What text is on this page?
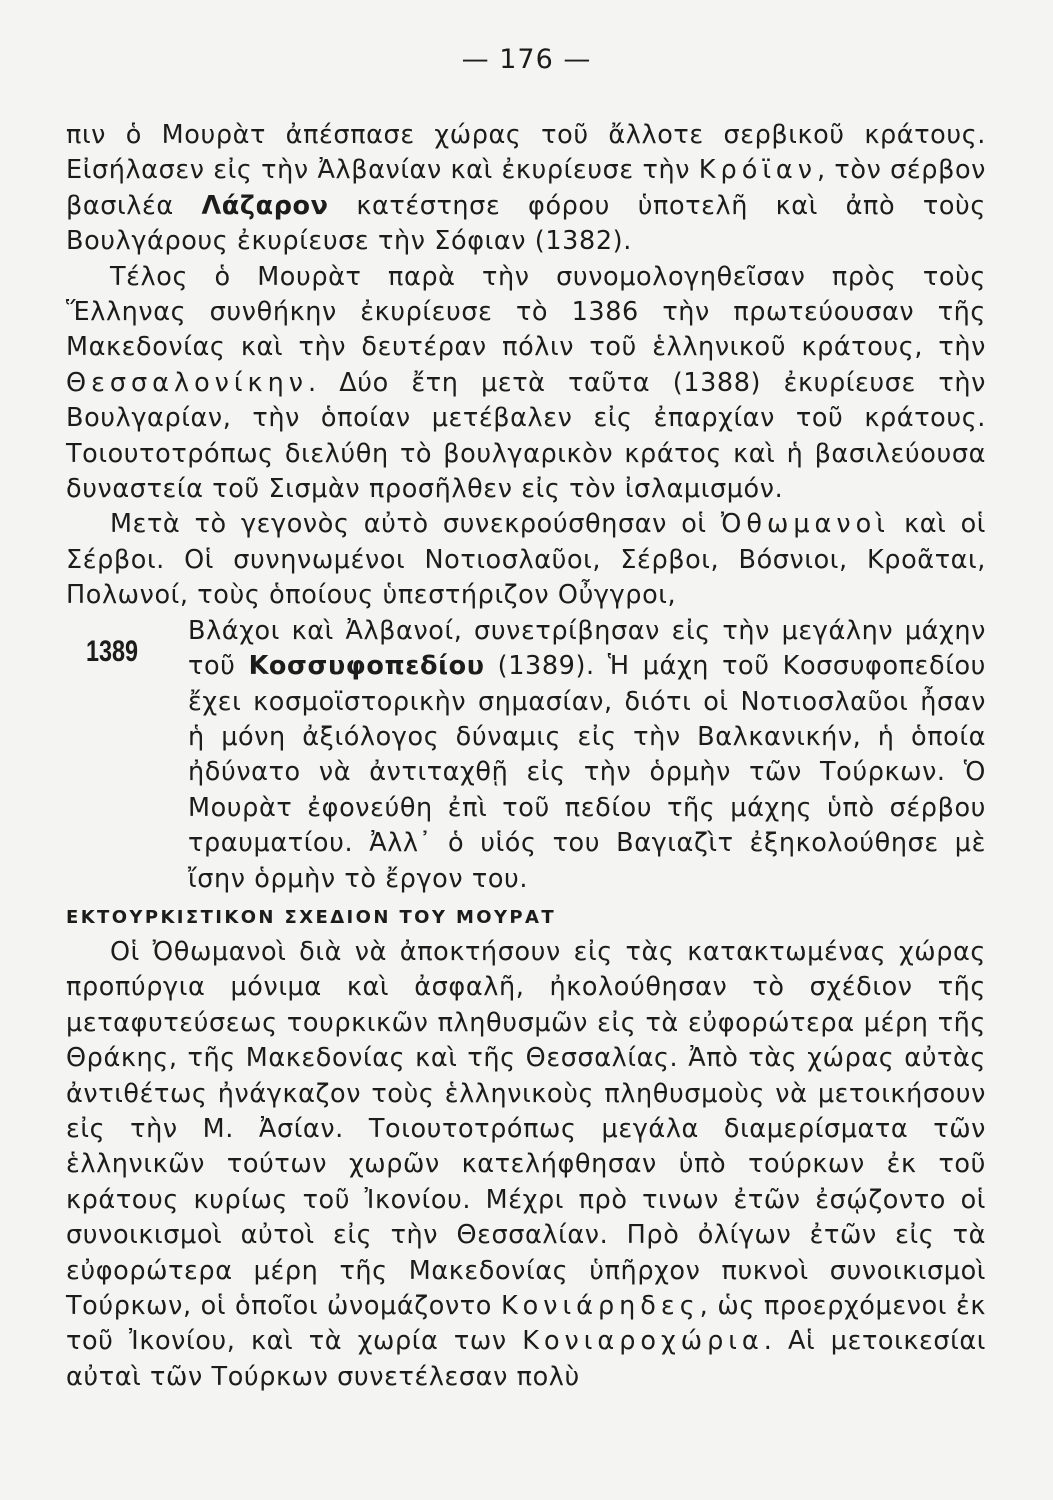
— 176 —

πιν ὁ Μουρὰτ ἀπέσπασε χώρας τοῦ ἄλλοτε σερβικοῦ κράτους. Εἰσήλασεν εἰς τὴν Ἀλβανίαν καὶ ἐκυρίευσε τὴν Κρόϊαν, τὸν σέρβον βασιλέα Λάζαρον κατέστησε φόρου ὑποτελῆ καὶ ἀπὸ τοὺς Βουλγάρους ἐκυρίευσε τὴν Σόφιαν (1382).

Τέλος ὁ Μουρὰτ παρὰ τὴν συνομολογηθεῖσαν πρὸς τοὺς Ἕλληνας συνθήκην ἐκυρίευσε τὸ 1386 τὴν πρωτεύουσαν τῆς Μακεδονίας καὶ τὴν δευτέραν πόλιν τοῦ ἑλληνικοῦ κράτους, τὴν Θεσσαλονίκην. Δύο ἔτη μετὰ ταῦτα (1388) ἐκυρίευσε τὴν Βουλγαρίαν, τὴν ὁποίαν μετέβαλεν εἰς ἐπαρχίαν τοῦ κράτους. Τοιουτοτρόπως διελύθη τὸ βουλγαρικὸν κράτος καὶ ἡ βασιλεύουσα δυναστεία τοῦ Σισμὰν προσῆλθεν εἰς τὸν ἰσλαμισμόν.

Μετὰ τὸ γεγονὸς αὐτὸ συνεκρούσθησαν οἱ Ὀθωμανοὶ καὶ οἱ Σέρβοι. Οἱ συνηνωμένοι Νοτιοσλαῦοι, Σέρβοι, Βόσνιοι, Κροᾶται, Πολωνοί, τοὺς ὁποίους ὑπεστήριζον Οὖγγροι,

1389
Βλάχοι καὶ Ἀλβανοί, συνετρίβησαν εἰς τὴν μεγάλην μάχην τοῦ Κοσσυφοπεδίου (1389). Ἡ μάχη τοῦ Κοσσυφοπεδίου ἔχει κοσμοϊστορικὴν σημασίαν, διότι οἱ Νοτιοσλαῦοι ἦσαν ἡ μόνη ἀξιόλογος δύναμις εἰς τὴν Βαλκανικήν, ἡ ὁποία ἠδύνατο νὰ ἀντιταχθῇ εἰς τὴν ὁρμὴν τῶν Τούρκων. Ὁ Μουρὰτ ἐφονεύθη ἐπὶ τοῦ πεδίου τῆς μάχης ὑπὸ σέρβου τραυματίου. Ἀλλ᾽ ὁ υἱός του Βαγιαζὶτ ἐξηκολούθησε μὲ ἴσην ὁρμὴν τὸ ἔργον του.

ΕΚΤΟΥΡΚΙΣΤΙΚΟΝ ΣΧΕΔΙΟΝ ΤΟΥ ΜΟΥΡΑΤ

Οἱ Ὀθωμανοὶ διὰ νὰ ἀποκτήσουν εἰς τὰς κατακτωμένας χώρας προπύργια μόνιμα καὶ ἀσφαλῆ, ἠκολούθησαν τὸ σχέδιον τῆς μεταφυτεύσεως τουρκικῶν πληθυσμῶν εἰς τὰ εὐφορώτερα μέρη τῆς Θράκης, τῆς Μακεδονίας καὶ τῆς Θεσσαλίας. Ἀπὸ τὰς χώρας αὐτὰς ἀντιθέτως ἠνάγκαζον τοὺς ἑλληνικοὺς πληθυσμοὺς νὰ μετοικήσουν εἰς τὴν Μ. Ἀσίαν. Τοιουτοτρόπως μεγάλα διαμερίσματα τῶν ἑλληνικῶν τούτων χωρῶν κατελήφθησαν ὑπὸ τούρκων ἐκ τοῦ κράτους κυρίως τοῦ Ἰκονίου. Μέχρι πρὸ τινων ἐτῶν ἐσῴζοντο οἱ συνοικισμοὶ αὐτοὶ εἰς τὴν Θεσσαλίαν. Πρὸ ὀλίγων ἐτῶν εἰς τὰ εὐφορώτερα μέρη τῆς Μακεδονίας ὑπῆρχον πυκνοὶ συνοικισμοὶ Τούρκων, οἱ ὁποῖοι ὠνομάζοντο Κονιάρηδες, ὡς προερχόμενοι ἐκ τοῦ Ἰκονίου, καὶ τὰ χωρία των Κονιαροχώρια. Αἱ μετοικεσίαι αὐταὶ τῶν Τούρκων συνετέλεσαν πολὺ
